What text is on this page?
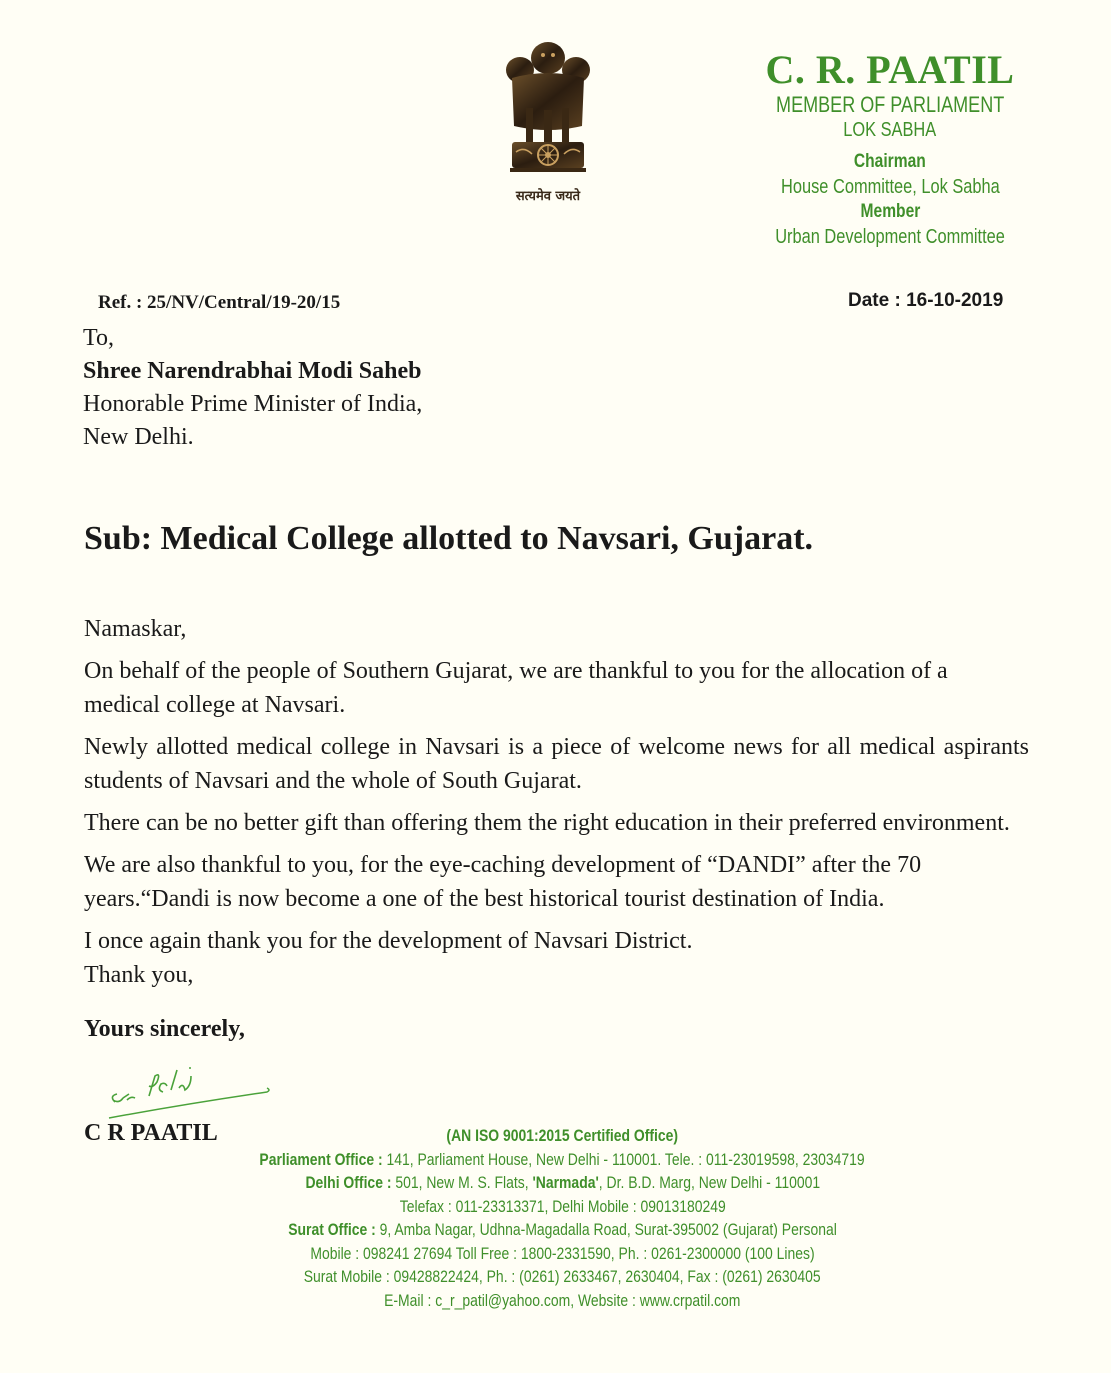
सत्यमेव जयते
C. R. PAATIL
MEMBER OF PARLIAMENT
LOK SABHA
Chairman
House Committee, Lok Sabha
Member
Urban Development Committee
Ref. : 25/NV/Central/19-20/15	Date : 16-10-2019
To,
Shree Narendrabhai Modi Saheb
Honorable Prime Minister of India,
New Delhi.
Sub: Medical College allotted to Navsari, Gujarat.

Namaskar,

On behalf of the people of Southern Gujarat, we are thankful to you for the allocation of a medical college at Navsari.

Newly allotted medical college in Navsari is a piece of welcome news for all medical aspirants students of Navsari and the whole of South Gujarat.

There can be no better gift than offering them the right education in their preferred environment.

We are also thankful to you, for the eye-caching development of “DANDI” after the 70 years.“Dandi is now become a one of the best historical tourist destination of India.

I once again thank you for the development of Navsari District.

Thank you,

Yours sincerely,
C R PAATIL	(AN ISO 9001:2015 Certified Office)
Parliament Office : 141, Parliament House, New Delhi - 110001. Tele. : 011-23019598, 23034719
Delhi Office : 501, New M. S. Flats, 'Narmada', Dr. B.D. Marg, New Delhi - 110001
Telefax : 011-23313371, Delhi Mobile : 09013180249
Surat Office : 9, Amba Nagar, Udhna-Magadalla Road, Surat-395002 (Gujarat) Personal
Mobile : 098241 27694 Toll Free : 1800-2331590, Ph. : 0261-2300000 (100 Lines)
Surat Mobile : 09428822424, Ph. : (0261) 2633467, 2630404, Fax : (0261) 2630405
E-Mail : c_r_patil@yahoo.com, Website : www.crpatil.com
